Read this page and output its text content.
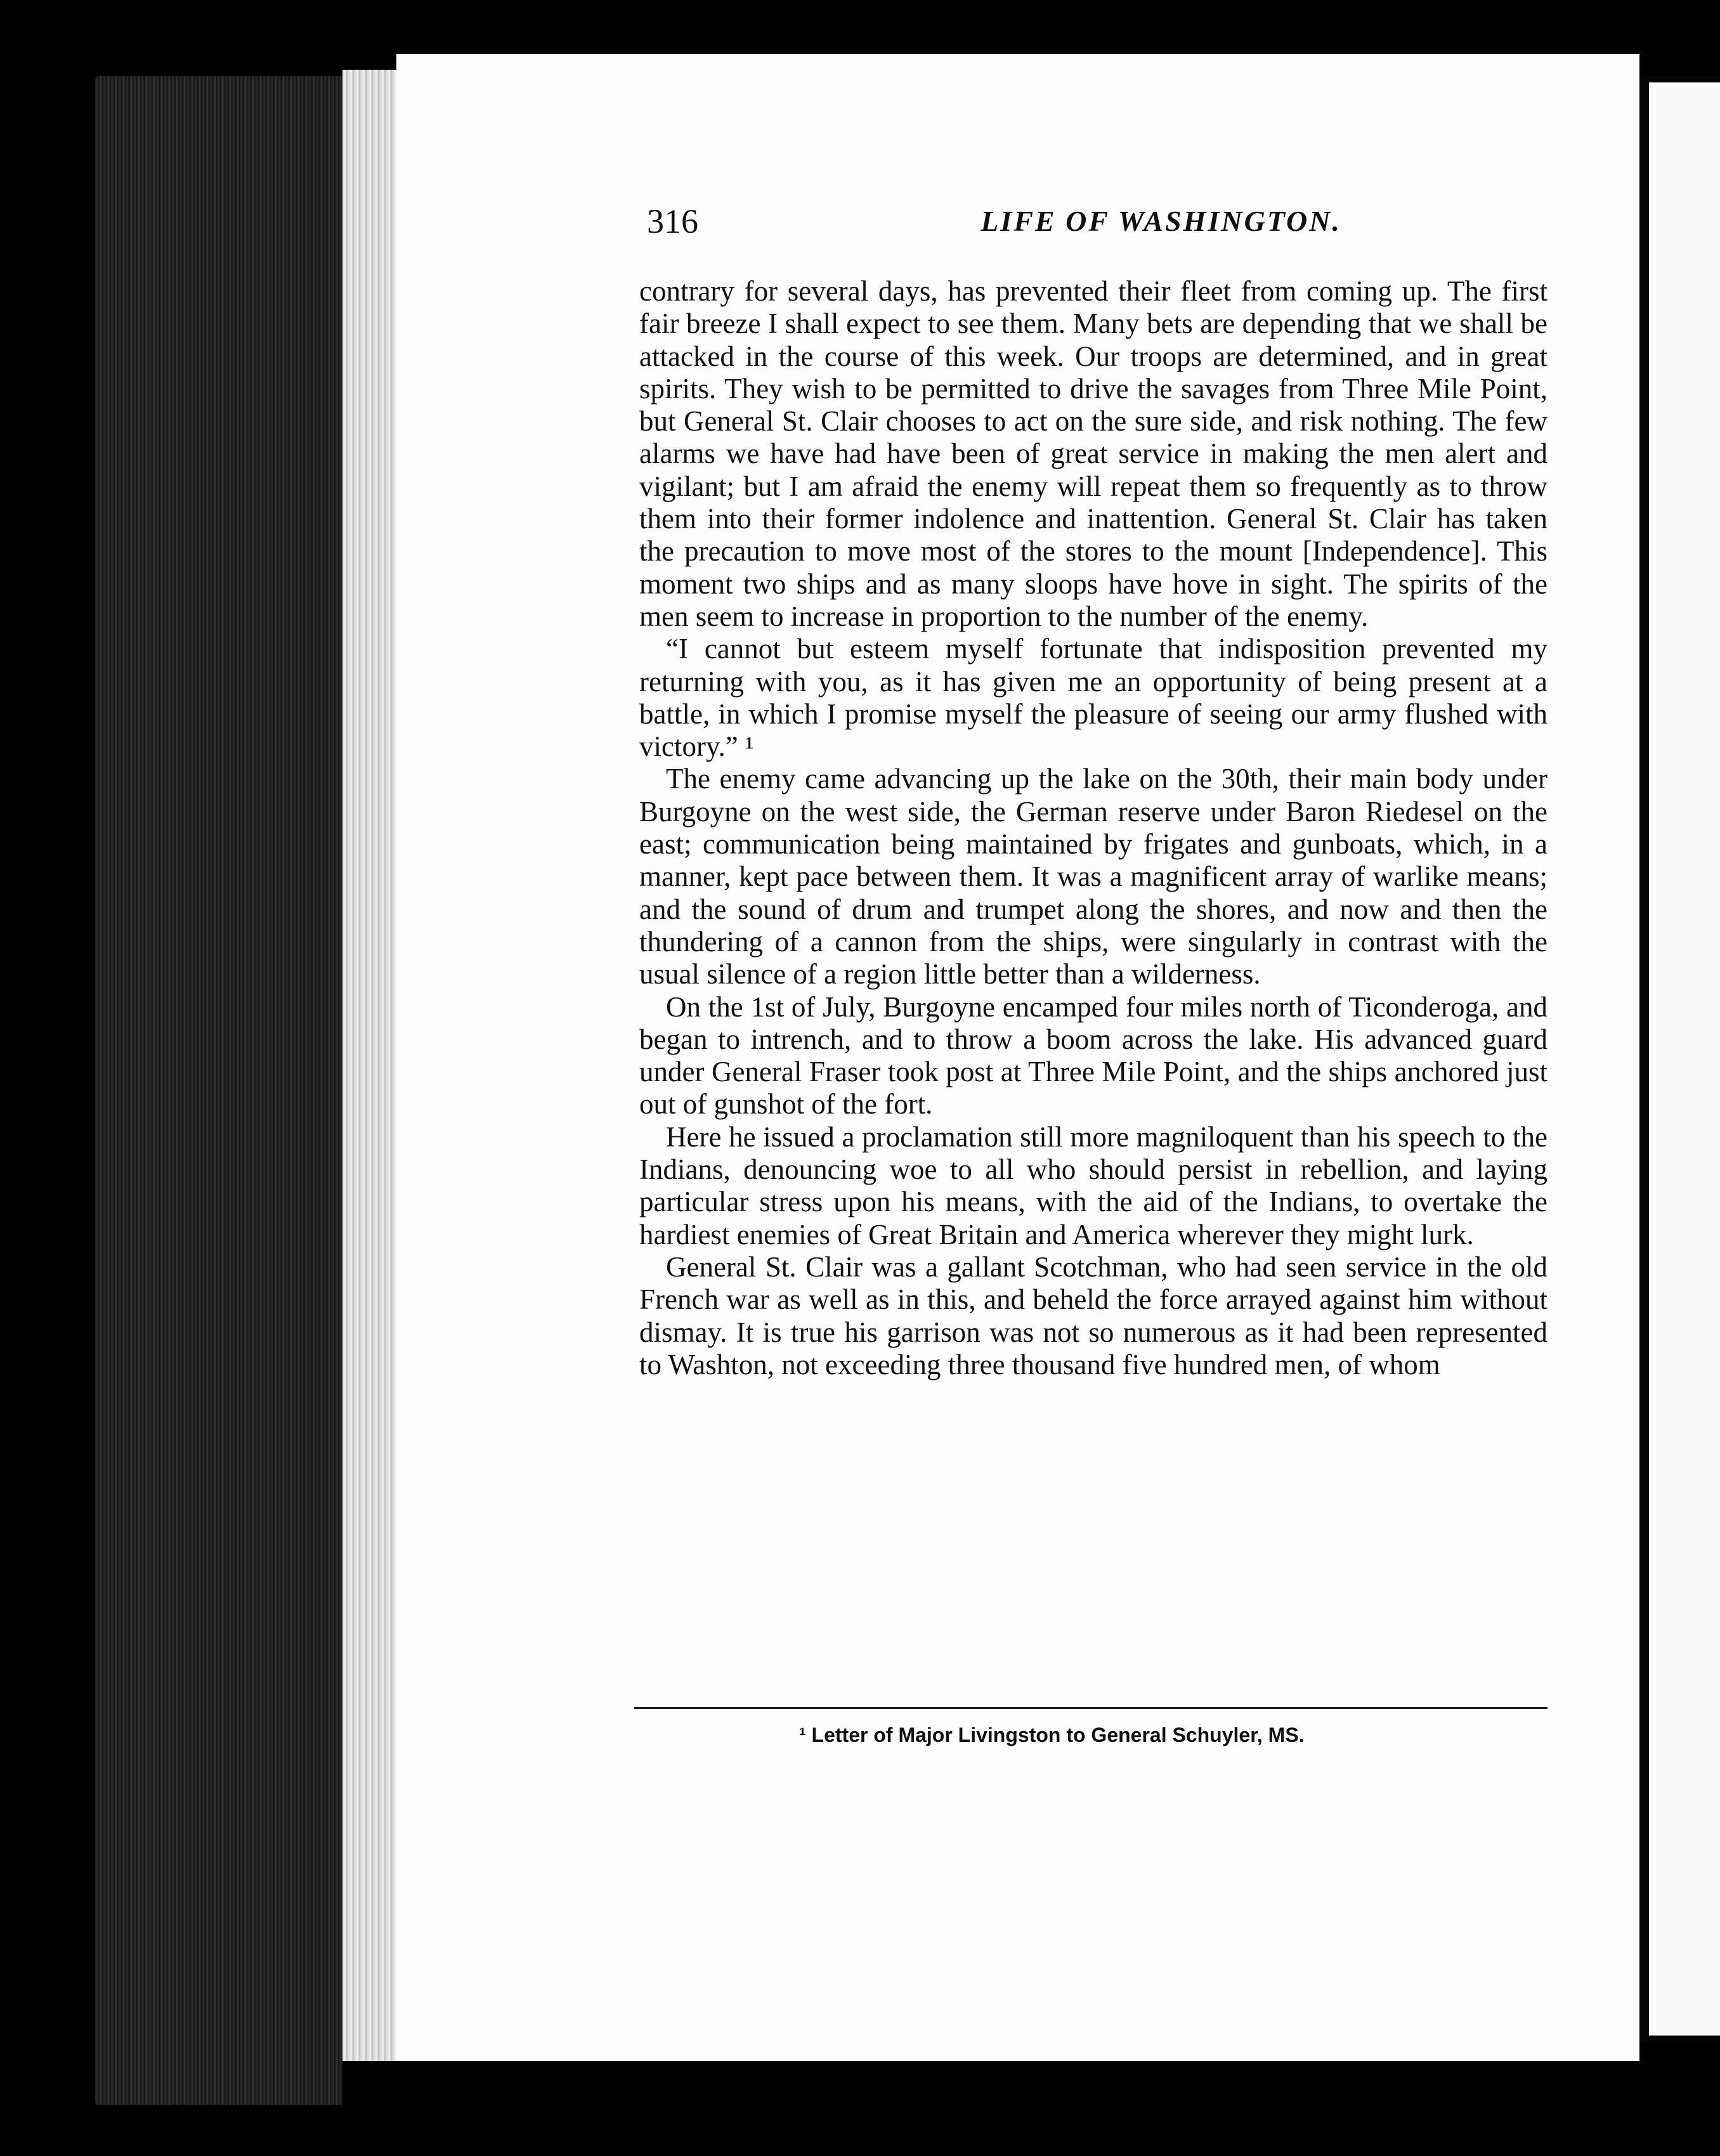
316	LIFE OF WASHINGTON.

contrary for several days, has prevented their fleet from coming up. The first fair breeze I shall expect to see them. Many bets are depending that we shall be attacked in the course of this week. Our troops are determined, and in great spirits. They wish to be permitted to drive the savages from Three Mile Point, but General St. Clair chooses to act on the sure side, and risk nothing. The few alarms we have had have been of great service in making the men alert and vigilant; but I am afraid the enemy will repeat them so frequently as to throw them into their former indolence and inattention. General St. Clair has taken the precaution to move most of the stores to the mount [Independence]. This moment two ships and as many sloops have hove in sight. The spirits of the men seem to increase in proportion to the number of the enemy.

“I cannot but esteem myself fortunate that indisposition prevented my returning with you, as it has given me an opportunity of being present at a battle, in which I promise myself the pleasure of seeing our army flushed with victory.” ¹

The enemy came advancing up the lake on the 30th, their main body under Burgoyne on the west side, the German reserve under Baron Riedesel on the east; communication being maintained by frigates and gunboats, which, in a manner, kept pace between them. It was a magnificent array of warlike means; and the sound of drum and trumpet along the shores, and now and then the thundering of a cannon from the ships, were singularly in contrast with the usual silence of a region little better than a wilderness.

On the 1st of July, Burgoyne encamped four miles north of Ticonderoga, and began to intrench, and to throw a boom across the lake. His advanced guard under General Fraser took post at Three Mile Point, and the ships anchored just out of gunshot of the fort.

Here he issued a proclamation still more magniloquent than his speech to the Indians, denouncing woe to all who should persist in rebellion, and laying particular stress upon his means, with the aid of the Indians, to overtake the hardiest enemies of Great Britain and America wherever they might lurk.

General St. Clair was a gallant Scotchman, who had seen service in the old French war as well as in this, and beheld the force arrayed against him without dismay. It is true his garrison was not so numerous as it had been represented to Washton, not exceeding three thousand five hundred men, of whom

¹ Letter of Major Livingston to General Schuyler, MS.
